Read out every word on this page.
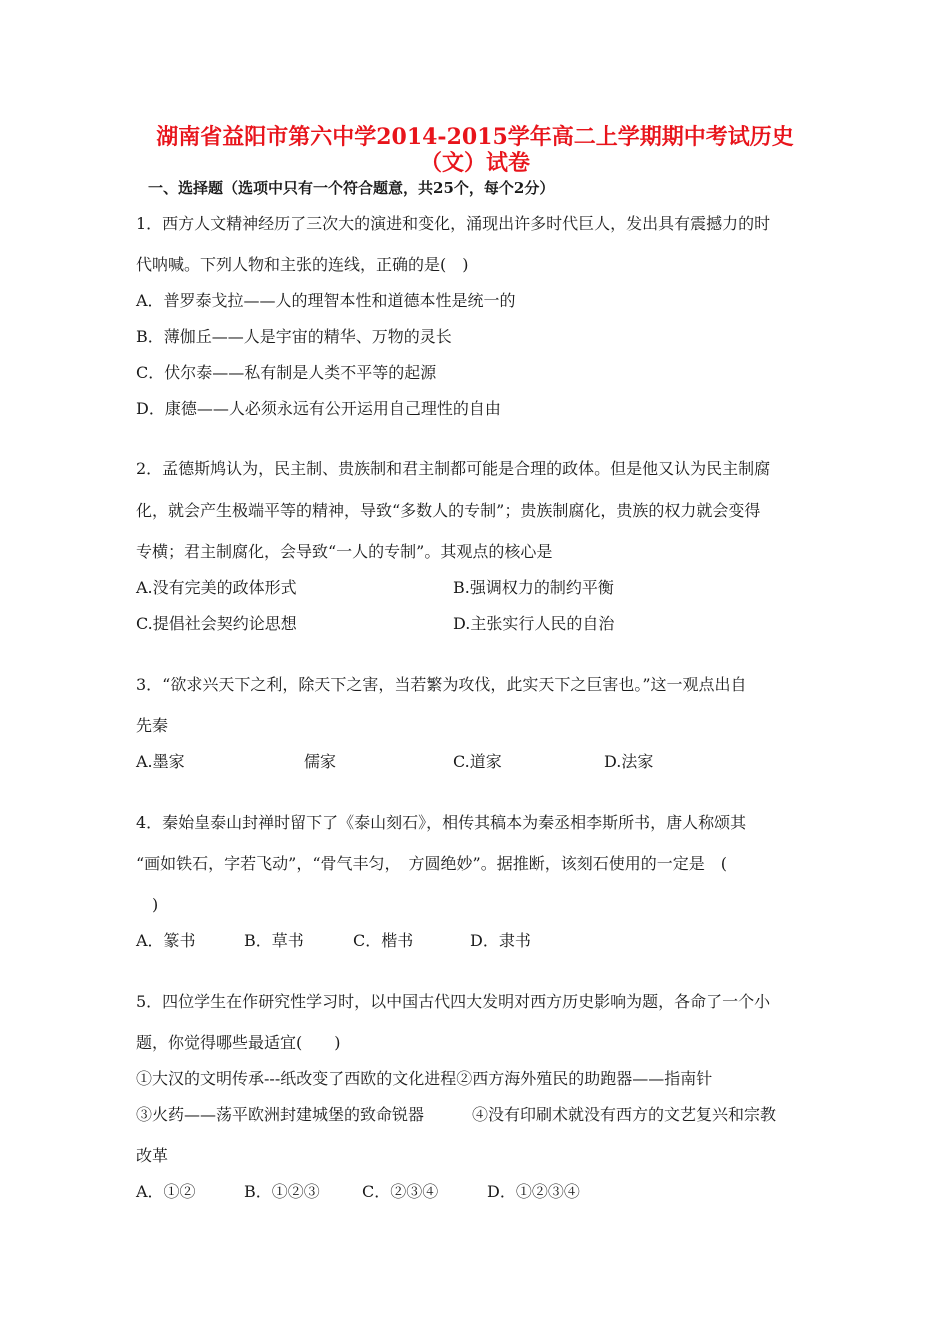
湖南省益阳市第六中学2014-2015学年高二上学期期中考试历史
（文）试卷
一、选择题（选项中只有一个符合题意，共25个，每个2分）
1．西方人文精神经历了三次大的演进和变化，涌现出许多时代巨人，发出具有震撼力的时
代呐喊。下列人物和主张的连线，正确的是(　)
A．普罗泰戈拉——人的理智本性和道德本性是统一的
B．薄伽丘——人是宇宙的精华、万物的灵长
C．伏尔泰——私有制是人类不平等的起源
D．康德——人必须永远有公开运用自己理性的自由
2．孟德斯鸠认为，民主制、贵族制和君主制都可能是合理的政体。但是他又认为民主制腐
化，就会产生极端平等的精神，导致“多数人的专制”；贵族制腐化，贵族的权力就会变得
专横；君主制腐化，会导致“一人的专制”。其观点的核心是
A.没有完美的政体形式	B.强调权力的制约平衡
C.提倡社会契约论思想	D.主张实行人民的自治
3．“欲求兴天下之利，除天下之害，当若繁为攻伐，此实天下之巨害也。”这一观点出自
先秦
A.墨家	儒家	C.道家	D.法家
4．秦始皇泰山封禅时留下了《泰山刻石》，相传其稿本为秦丞相李斯所书，唐人称颂其
“画如铁石，字若飞动”，“骨气丰匀，　方圆绝妙”。据推断，该刻石使用的一定是　(
　)
A．篆书	B．草书	C．楷书	D．隶书
5．四位学生在作研究性学习时，以中国古代四大发明对西方历史影响为题，各命了一个小
题，你觉得哪些最适宜(　　)
①大汉的文明传承---纸改变了西欧的文化进程②西方海外殖民的助跑器——指南针
③火药——荡平欧洲封建城堡的致命锐器　　　④没有印刷术就没有西方的文艺复兴和宗教
改革
A．①②	B．①②③	C．②③④	D．①②③④
